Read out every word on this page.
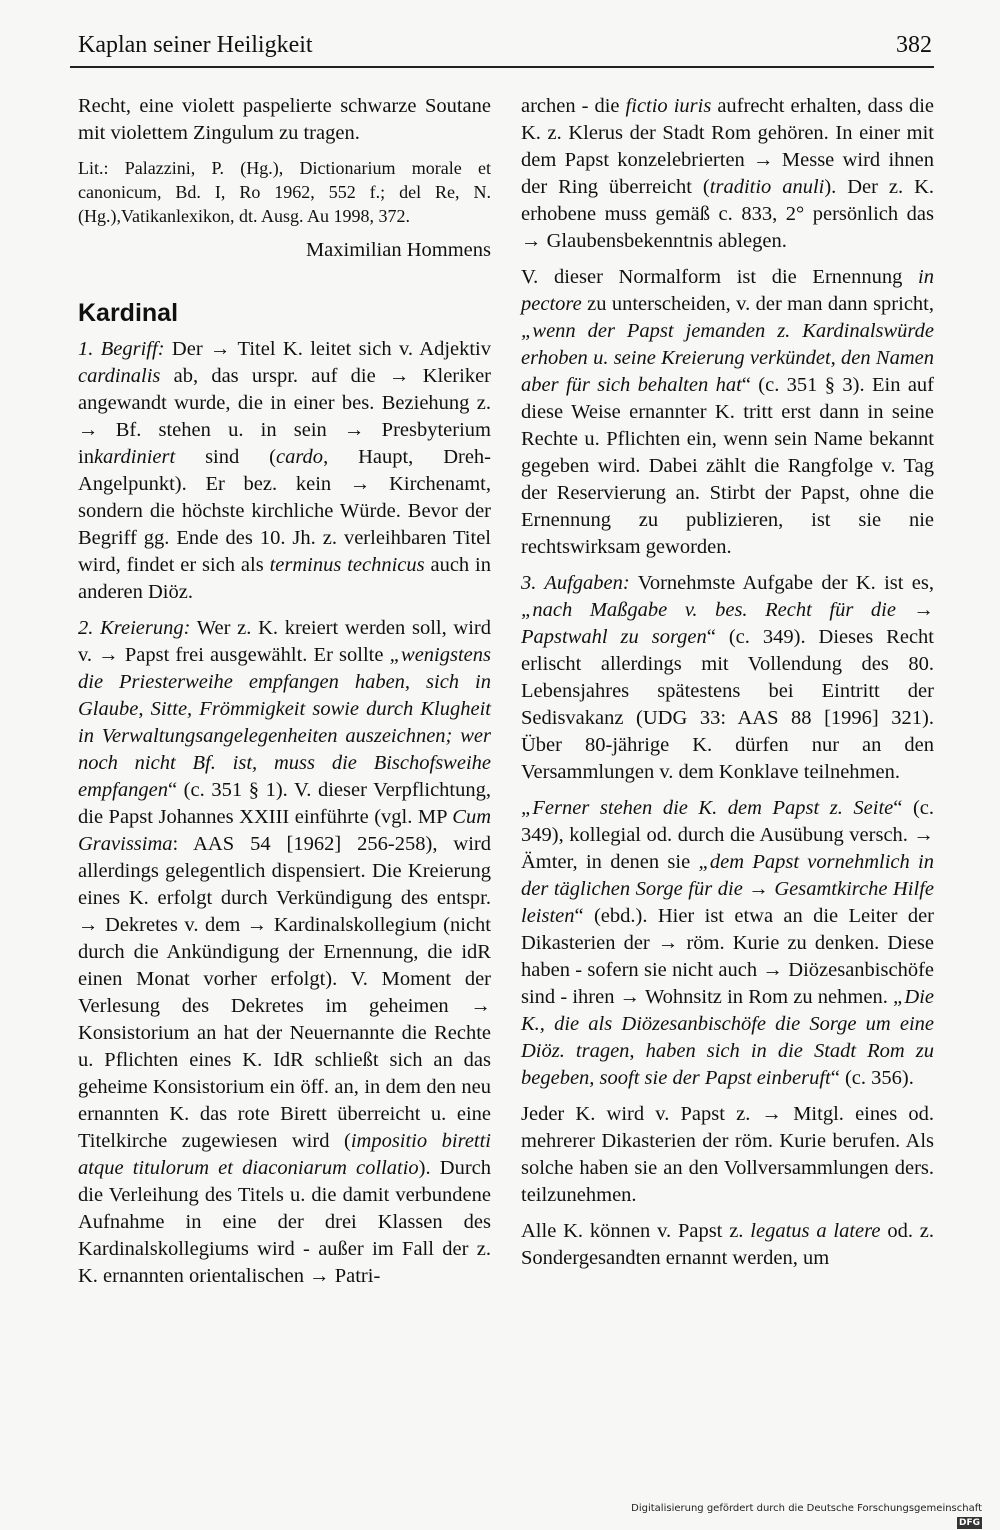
Kaplan seiner Heiligkeit	382

Recht, eine violett paspelierte schwarze Soutane mit violettem Zingulum zu tragen.

Lit.: Palazzini, P. (Hg.), Dictionarium morale et canonicum, Bd. I, Ro 1962, 552 f.; del Re, N. (Hg.),Vatikanlexikon, dt. Ausg. Au 1998, 372.

Maximilian Hommens

Kardinal

1. Begriff: Der → Titel K. leitet sich v. Adjektiv cardinalis ab, das urspr. auf die → Kleriker angewandt wurde, die in einer bes. Beziehung z. → Bf. stehen u. in sein → Presbyterium inkardiniert sind (cardo, Haupt, Dreh- Angelpunkt). Er bez. kein → Kirchenamt, sondern die höchste kirchliche Würde. Bevor der Begriff gg. Ende des 10. Jh. z. verleihbaren Titel wird, findet er sich als terminus technicus auch in anderen Diöz.

2. Kreierung: Wer z. K. kreiert werden soll, wird v. → Papst frei ausgewählt. Er sollte „wenigstens die Priesterweihe empfangen haben, sich in Glaube, Sitte, Frömmigkeit sowie durch Klugheit in Verwaltungsangelegenheiten auszeichnen; wer noch nicht Bf. ist, muss die Bischofsweihe empfangen“ (c. 351 § 1). V. dieser Verpflichtung, die Papst Johannes XXIII einführte (vgl. MP Cum Gravissima: AAS 54 [1962] 256-258), wird allerdings gelegentlich dispensiert. Die Kreierung eines K. erfolgt durch Verkündigung des entspr. → Dekretes v. dem → Kardinalskollegium (nicht durch die Ankündigung der Ernennung, die idR einen Monat vorher erfolgt). V. Moment der Verlesung des Dekretes im geheimen → Konsistorium an hat der Neuernannte die Rechte u. Pflichten eines K. IdR schließt sich an das geheime Konsistorium ein öff. an, in dem den neu ernannten K. das rote Birett überreicht u. eine Titelkirche zugewiesen wird (impositio biretti atque titulorum et diaconiarum collatio). Durch die Verleihung des Titels u. die damit verbundene Aufnahme in eine der drei Klassen des Kardinalskollegiums wird - außer im Fall der z. K. ernannten orientalischen → Patri-

archen - die fictio iuris aufrecht erhalten, dass die K. z. Klerus der Stadt Rom gehören. In einer mit dem Papst konzelebrierten → Messe wird ihnen der Ring überreicht (traditio anuli). Der z. K. erhobene muss gemäß c. 833, 2° persönlich das → Glaubensbekenntnis ablegen.

V. dieser Normalform ist die Ernennung in pectore zu unterscheiden, v. der man dann spricht, „wenn der Papst jemanden z. Kardinalswürde erhoben u. seine Kreierung verkündet, den Namen aber für sich behalten hat“ (c. 351 § 3). Ein auf diese Weise ernannter K. tritt erst dann in seine Rechte u. Pflichten ein, wenn sein Name bekannt gegeben wird. Dabei zählt die Rangfolge v. Tag der Reservierung an. Stirbt der Papst, ohne die Ernennung zu publizieren, ist sie nie rechtswirksam geworden.

3. Aufgaben: Vornehmste Aufgabe der K. ist es, „nach Maßgabe v. bes. Recht für die → Papstwahl zu sorgen“ (c. 349). Dieses Recht erlischt allerdings mit Vollendung des 80. Lebensjahres spätestens bei Eintritt der Sedisvakanz (UDG 33: AAS 88 [1996] 321). Über 80-jährige K. dürfen nur an den Versammlungen v. dem Konklave teilnehmen.

„Ferner stehen die K. dem Papst z. Seite“ (c. 349), kollegial od. durch die Ausübung versch. → Ämter, in denen sie „dem Papst vornehmlich in der täglichen Sorge für die → Gesamtkirche Hilfe leisten“ (ebd.). Hier ist etwa an die Leiter der Dikasterien der → röm. Kurie zu denken. Diese haben - sofern sie nicht auch → Diözesanbischöfe sind - ihren → Wohnsitz in Rom zu nehmen. „Die K., die als Diözesanbischöfe die Sorge um eine Diöz. tragen, haben sich in die Stadt Rom zu begeben, sooft sie der Papst einberuft“ (c. 356).

Jeder K. wird v. Papst z. → Mitgl. eines od. mehrerer Dikasterien der röm. Kurie berufen. Als solche haben sie an den Vollversammlungen ders. teilzunehmen.

Alle K. können v. Papst z. legatus a latere od. z. Sondergesandten ernannt werden, um

Digitalisierung gefördert durch die Deutsche ForschungsgemeinschaftDFG
